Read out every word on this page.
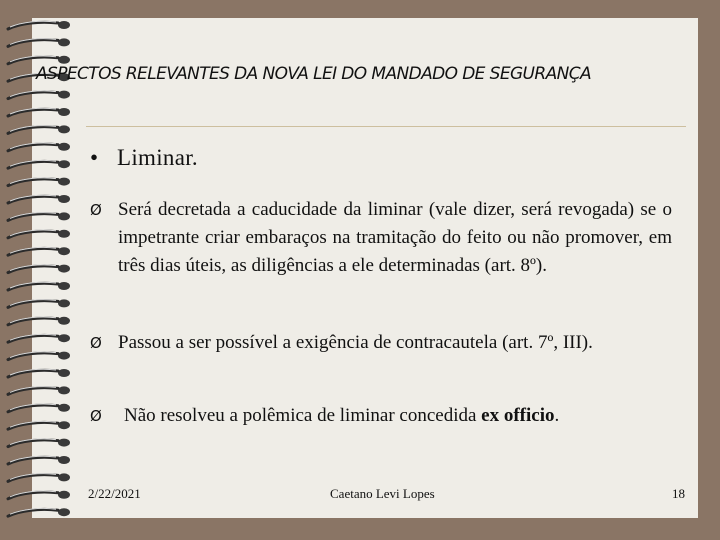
ASPECTOS RELEVANTES DA NOVA LEI DO MANDADO DE SEGURANÇA
• Liminar.
Ø Será decretada a caducidade da liminar (vale dizer, será revogada) se o impetrante criar embaraços na tramitação do feito ou não promover, em três dias úteis, as diligências a ele determinadas (art. 8º).
Ø Passou a ser possível a exigência de contracautela (art. 7º, III).
Ø Não resolveu a polêmica de liminar concedida ex officio.
2/22/2021	Caetano Levi Lopes	18
